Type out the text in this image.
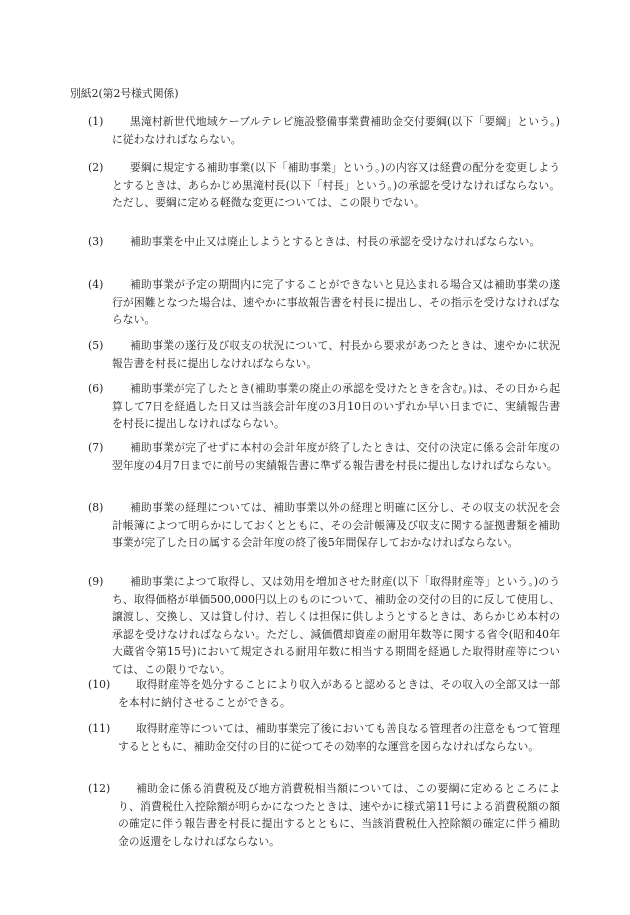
別紙2(第2号様式関係)
(1)	黒滝村新世代地域ケーブルテレビ施設整備事業費補助金交付要綱(以下「要綱」という。)に従わなければならない。
(2)	要綱に規定する補助事業(以下「補助事業」という。)の内容又は経費の配分を変更しようとするときは、あらかじめ黒滝村長(以下「村長」という。)の承認を受けなければならない。ただし、要綱に定める軽微な変更については、この限りでない。
(3)	補助事業を中止又は廃止しようとするときは、村長の承認を受けなければならない。
(4)	補助事業が予定の期間内に完了することができないと見込まれる場合又は補助事業の遂行が困難となつた場合は、速やかに事故報告書を村長に提出し、その指示を受けなければならない。
(5)	補助事業の遂行及び収支の状況について、村長から要求があつたときは、速やかに状況報告書を村長に提出しなければならない。
(6)	補助事業が完了したとき(補助事業の廃止の承認を受けたときを含む。)は、その日から起算して7日を経過した日又は当該会計年度の3月10日のいずれか早い日までに、実績報告書を村長に提出しなければならない。
(7)	補助事業が完了せずに本村の会計年度が終了したときは、交付の決定に係る会計年度の翌年度の4月7日までに前号の実績報告書に準ずる報告書を村長に提出しなければならない。
(8)	補助事業の経理については、補助事業以外の経理と明確に区分し、その収支の状況を会計帳簿によつて明らかにしておくとともに、その会計帳簿及び収支に関する証拠書類を補助事業が完了した日の属する会計年度の終了後5年間保存しておかなければならない。
(9)	補助事業によつて取得し、又は効用を増加させた財産(以下「取得財産等」という。)のうち、取得価格が単価500,000円以上のものについて、補助金の交付の目的に反して使用し、譲渡し、交換し、又は貸し付け、若しくは担保に供しようとするときは、あらかじめ本村の承認を受けなければならない。ただし、減価償却資産の耐用年数等に関する省令(昭和40年大蔵省令第15号)において規定される耐用年数に相当する期間を経過した取得財産等については、この限りでない。
(10)	取得財産等を処分することにより収入があると認めるときは、その収入の全部又は一部を本村に納付させることができる。
(11)	取得財産等については、補助事業完了後においても善良なる管理者の注意をもつて管理するとともに、補助金交付の目的に従つてその効率的な運営を図らなければならない。
(12)	補助金に係る消費税及び地方消費税相当額については、この要綱に定めるところにより、消費税仕入控除額が明らかになつたときは、速やかに様式第11号による消費税額の額の確定に伴う報告書を村長に提出するとともに、当該消費税仕入控除額の確定に伴う補助金の返還をしなければならない。
